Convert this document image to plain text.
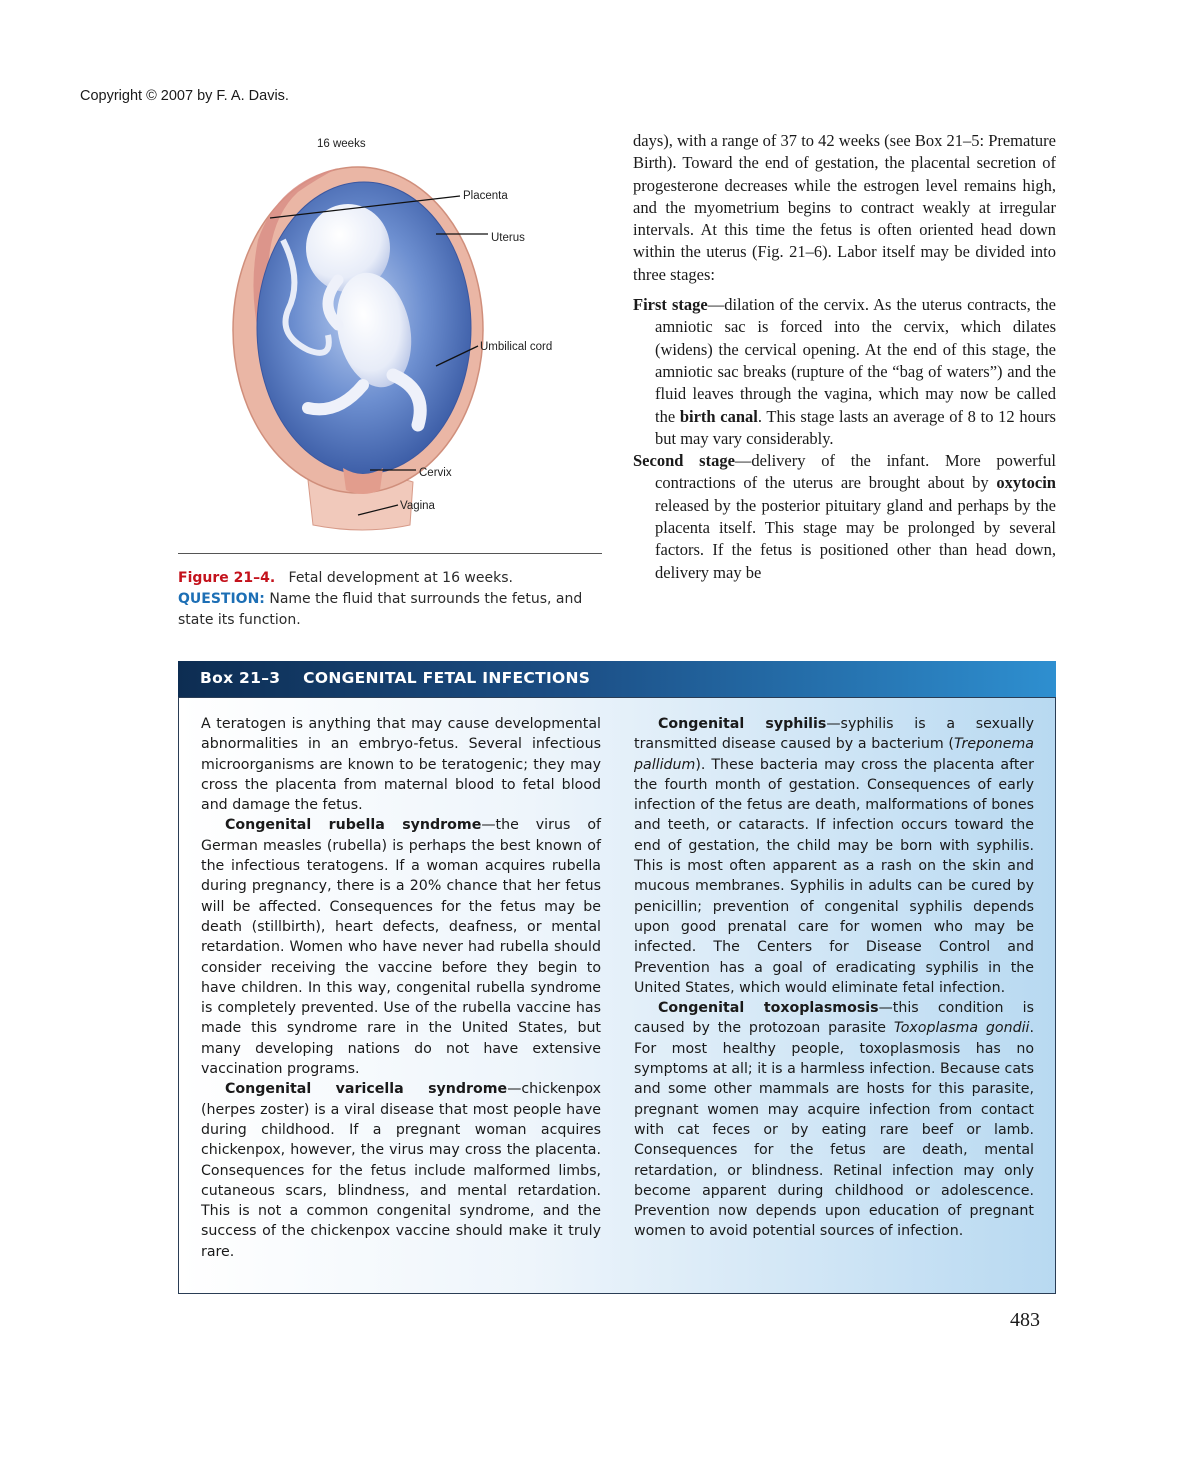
Copyright © 2007 by F. A. Davis.
16 weeks
Placenta
Uterus
Umbilical cord
Cervix
Vagina
Figure 21–4. Fetal development at 16 weeks.
QUESTION: Name the fluid that surrounds the fetus, and state its function.

days), with a range of 37 to 42 weeks (see Box 21–5: Premature Birth). Toward the end of gestation, the placental secretion of progesterone decreases while the estrogen level remains high, and the myometrium begins to contract weakly at irregular intervals. At this time the fetus is often oriented head down within the uterus (Fig. 21–6). Labor itself may be divided into three stages:

First stage—dilation of the cervix. As the uterus contracts, the amniotic sac is forced into the cervix, which dilates (widens) the cervical opening. At the end of this stage, the amniotic sac breaks (rupture of the “bag of waters”) and the fluid leaves through the vagina, which may now be called the birth canal. This stage lasts an average of 8 to 12 hours but may vary considerably.

Second stage—delivery of the infant. More powerful contractions of the uterus are brought about by oxytocin released by the posterior pituitary gland and perhaps by the placenta itself. This stage may be prolonged by several factors. If the fetus is positioned other than head down, delivery may be

Box 21–3 CONGENITAL FETAL INFECTIONS

A teratogen is anything that may cause developmental abnormalities in an embryo-fetus. Several infectious microorganisms are known to be teratogenic; they may cross the placenta from maternal blood to fetal blood and damage the fetus.

Congenital rubella syndrome—the virus of German measles (rubella) is perhaps the best known of the infectious teratogens. If a woman acquires rubella during pregnancy, there is a 20% chance that her fetus will be affected. Consequences for the fetus may be death (stillbirth), heart defects, deafness, or mental retardation. Women who have never had rubella should consider receiving the vaccine before they begin to have children. In this way, congenital rubella syndrome is completely prevented. Use of the rubella vaccine has made this syndrome rare in the United States, but many developing nations do not have extensive vaccination programs.

Congenital varicella syndrome—chickenpox (herpes zoster) is a viral disease that most people have during childhood. If a pregnant woman acquires chickenpox, however, the virus may cross the placenta. Consequences for the fetus include malformed limbs, cutaneous scars, blindness, and mental retardation. This is not a common congenital syndrome, and the success of the chickenpox vaccine should make it truly rare.

Congenital syphilis—syphilis is a sexually transmitted disease caused by a bacterium (Treponema pallidum). These bacteria may cross the placenta after the fourth month of gestation. Consequences of early infection of the fetus are death, malformations of bones and teeth, or cataracts. If infection occurs toward the end of gestation, the child may be born with syphilis. This is most often apparent as a rash on the skin and mucous membranes. Syphilis in adults can be cured by penicillin; prevention of congenital syphilis depends upon good prenatal care for women who may be infected. The Centers for Disease Control and Prevention has a goal of eradicating syphilis in the United States, which would eliminate fetal infection.

Congenital toxoplasmosis—this condition is caused by the protozoan parasite Toxoplasma gondii. For most healthy people, toxoplasmosis has no symptoms at all; it is a harmless infection. Because cats and some other mammals are hosts for this parasite, pregnant women may acquire infection from contact with cat feces or by eating rare beef or lamb. Consequences for the fetus are death, mental retardation, or blindness. Retinal infection may only become apparent during childhood or adolescence. Prevention now depends upon education of pregnant women to avoid potential sources of infection.

483
